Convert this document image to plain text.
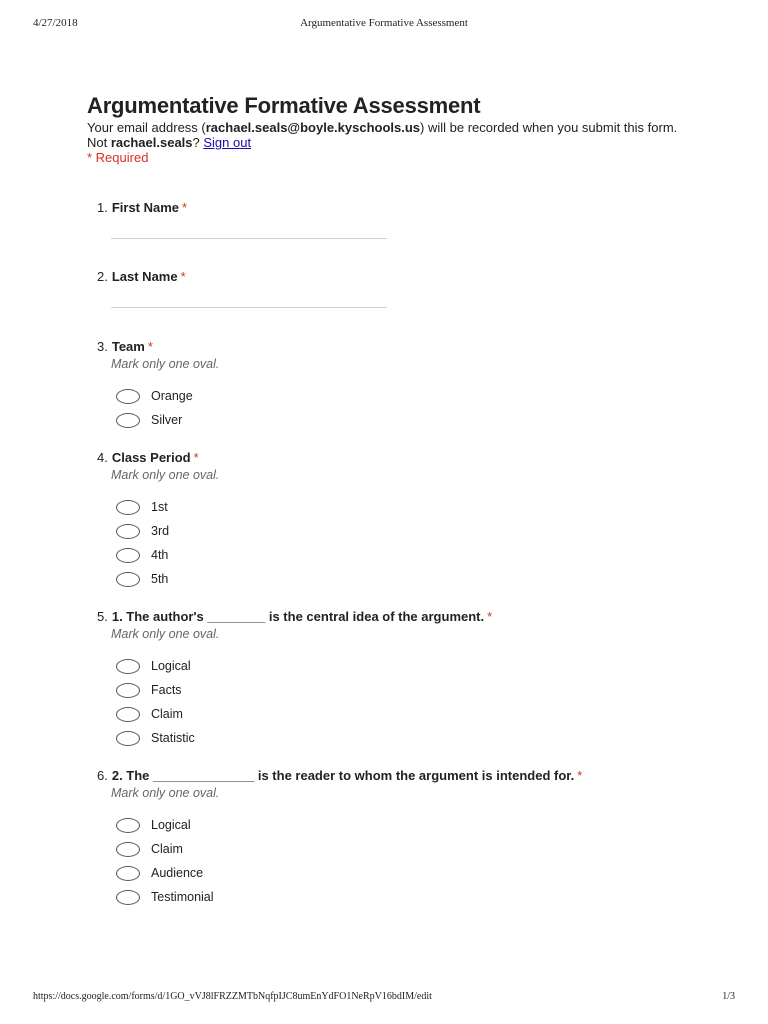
4/27/2018	Argumentative Formative Assessment
Argumentative Formative Assessment
Your email address (rachael.seals@boyle.kyschools.us) will be recorded when you submit this form.
Not rachael.seals? Sign out
* Required
1. First Name *
2. Last Name *
3. Team *
Mark only one oval.
Orange
Silver
4. Class Period *
Mark only one oval.
1st
3rd
4th
5th
5. 1. The author's ________ is the central idea of the argument. *
Mark only one oval.
Logical
Facts
Claim
Statistic
6. 2. The ______________ is the reader to whom the argument is intended for. *
Mark only one oval.
Logical
Claim
Audience
Testimonial
https://docs.google.com/forms/d/1GO_vVJ8lFRZZMTbNqfpIJC8umEnYdFO1NeRpV16bdIM/edit	1/3
